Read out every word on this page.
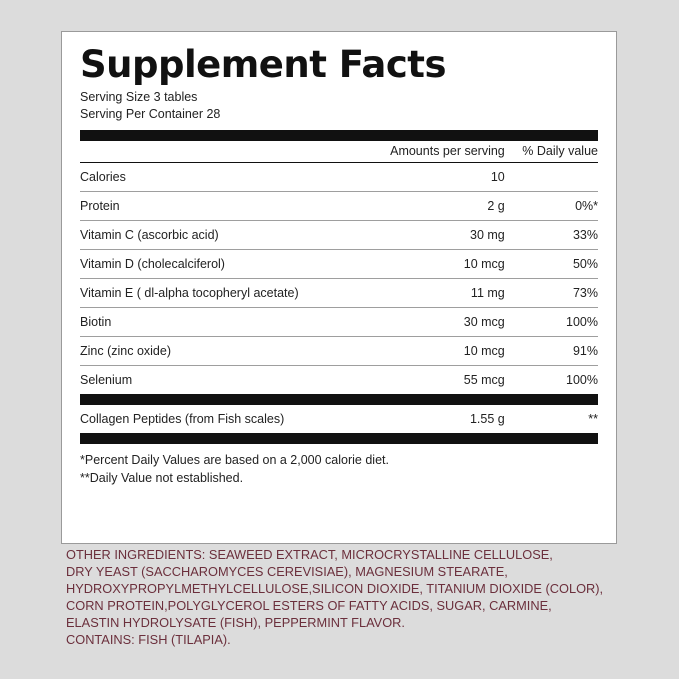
Supplement Facts

Serving Size 3 tables

Serving Per Container 28

	Amounts per serving	% Daily value
Calories	10	
Protein	2 g	0%*
Vitamin C (ascorbic acid)	30 mg	33%
Vitamin D (cholecalciferol)	10 mcg	50%
Vitamin E ( dl-alpha tocopheryl acetate)	11 mg	73%
Biotin	30 mcg	100%
Zinc (zinc oxide)	10 mcg	91%
Selenium	55 mcg	100%
Collagen Peptides (from Fish scales)	1.55 g	**
*Percent Daily Values are based on a 2,000 calorie diet.
**Daily Value not established.
OTHER INGREDIENTS: SEAWEED EXTRACT, MICROCRYSTALLINE CELLULOSE,
DRY YEAST (SACCHAROMYCES CEREVISIAE), MAGNESIUM STEARATE,
HYDROXYPROPYLMETHYLCELLULOSE,SILICON DIOXIDE, TITANIUM DIOXIDE (COLOR),
CORN PROTEIN,POLYGLYCEROL ESTERS OF FATTY ACIDS, SUGAR, CARMINE,
ELASTIN HYDROLYSATE (FISH), PEPPERMINT FLAVOR.
CONTAINS: FISH (TILAPIA).
